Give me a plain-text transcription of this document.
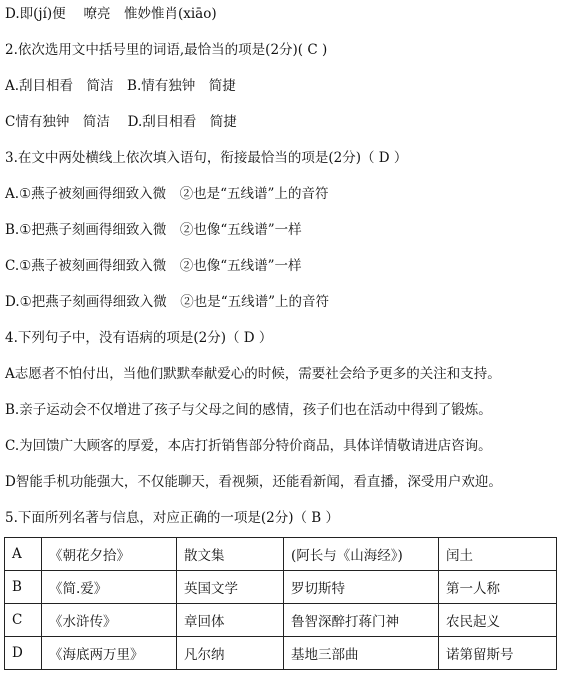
D.即(jí)便　 嘹亮　惟妙惟肖(xiāo)
2.依次选用文中括号里的词语,最恰当的项是(2分)( C )
A.刮目相看　简洁　B.情有独钟　简捷
C情有独钟　简洁　 D.刮目相看　简捷
3.在文中两处横线上依次填入语句，衔接最恰当的项是(2分)（ D ）
A.①燕子被刻画得细致入微　②也是“五线谱”上的音符
B.①把燕子刻画得细致入微　②也像“五线谱”一样
C.①燕子被刻画得细致入微　②也像“五线谱”一样
D.①把燕子刻画得细致入微　②也是“五线谱”上的音符
4.下列句子中，没有语病的项是(2分)（ D ）
A志愿者不怕付出，当他们默默奉献爱心的时候，需要社会给予更多的关注和支持。
B.亲子运动会不仅增进了孩子与父母之间的感情，孩子们也在活动中得到了锻炼。
C.为回馈广大顾客的厚爱，本店打折销售部分特价商品，具体详情敬请进店咨询。
D智能手机功能强大，不仅能聊天，看视频，还能看新闻，看直播，深受用户欢迎。
5.下面所列名著与信息，对应正确的一项是(2分)（ B ）
A	《朝花夕拾》	散文集	(阿长与《山海经》)	闰土
B	《简.爱》	英国文学	罗切斯特	第一人称
C	《水浒传》	章回体	鲁智深醉打蒋门神	农民起义
D	《海底两万里》	凡尔纳	基地三部曲	诺第留斯号
